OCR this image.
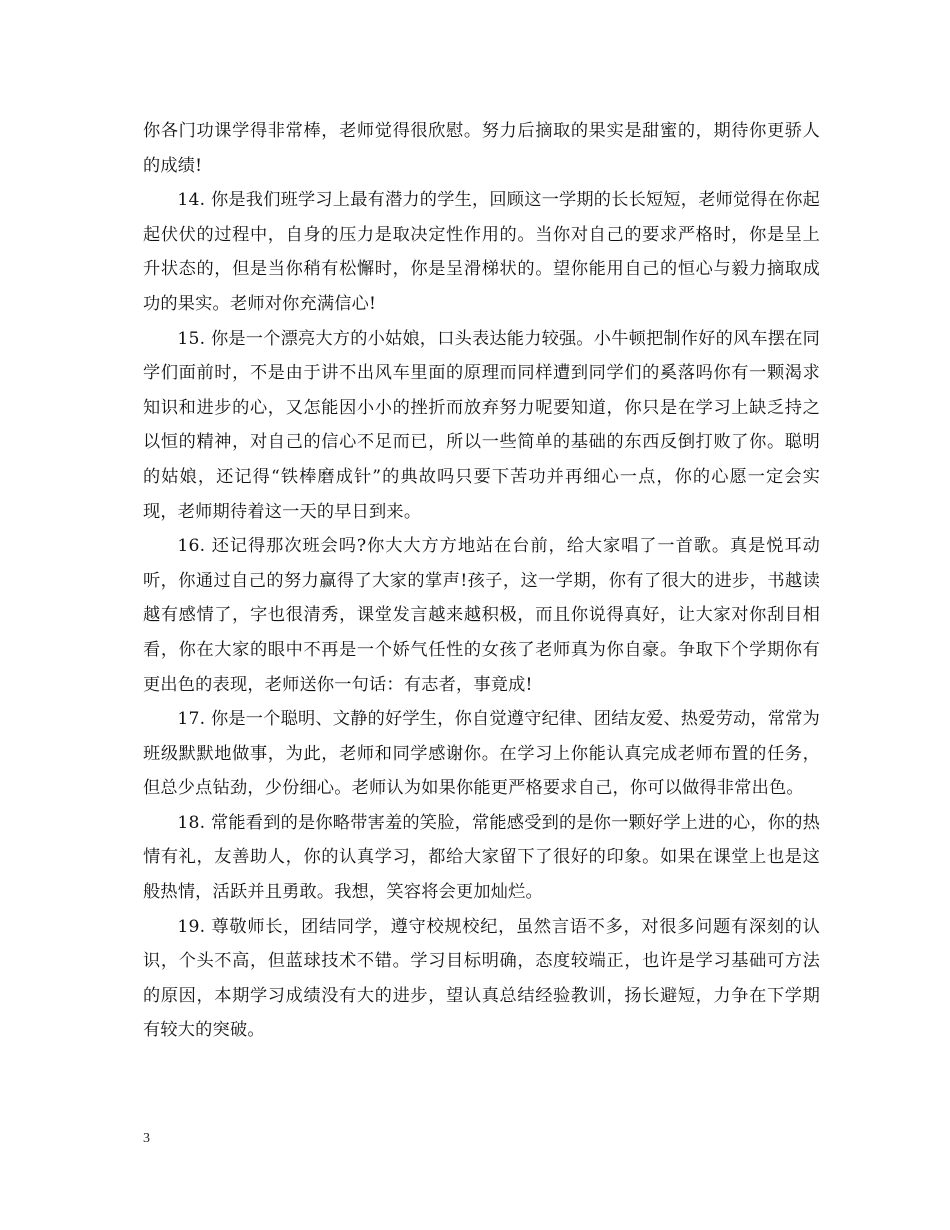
你各门功课学得非常棒，老师觉得很欣慰。努力后摘取的果实是甜蜜的，期待你更骄人的成绩!

14. 你是我们班学习上最有潜力的学生，回顾这一学期的长长短短，老师觉得在你起起伏伏的过程中，自身的压力是取决定性作用的。当你对自己的要求严格时，你是呈上升状态的，但是当你稍有松懈时，你是呈滑梯状的。望你能用自己的恒心与毅力摘取成功的果实。老师对你充满信心!

15. 你是一个漂亮大方的小姑娘，口头表达能力较强。小牛顿把制作好的风车摆在同学们面前时，不是由于讲不出风车里面的原理而同样遭到同学们的奚落吗你有一颗渴求知识和进步的心，又怎能因小小的挫折而放弃努力呢要知道，你只是在学习上缺乏持之以恒的精神，对自己的信心不足而已，所以一些简单的基础的东西反倒打败了你。聪明的姑娘，还记得“铁棒磨成针”的典故吗只要下苦功并再细心一点，你的心愿一定会实现，老师期待着这一天的早日到来。

16. 还记得那次班会吗?你大大方方地站在台前，给大家唱了一首歌。真是悦耳动听，你通过自己的努力赢得了大家的掌声!孩子，这一学期，你有了很大的进步，书越读越有感情了，字也很清秀，课堂发言越来越积极，而且你说得真好，让大家对你刮目相看，你在大家的眼中不再是一个娇气任性的女孩了老师真为你自豪。争取下个学期你有更出色的表现，老师送你一句话：有志者，事竟成!

17. 你是一个聪明、文静的好学生，你自觉遵守纪律、团结友爱、热爱劳动，常常为班级默默地做事，为此，老师和同学感谢你。在学习上你能认真完成老师布置的任务，但总少点钻劲，少份细心。老师认为如果你能更严格要求自己，你可以做得非常出色。

18. 常能看到的是你略带害羞的笑脸，常能感受到的是你一颗好学上进的心，你的热情有礼，友善助人，你的认真学习，都给大家留下了很好的印象。如果在课堂上也是这般热情，活跃并且勇敢。我想，笑容将会更加灿烂。

19. 尊敬师长，团结同学，遵守校规校纪，虽然言语不多，对很多问题有深刻的认识，个头不高，但蓝球技术不错。学习目标明确，态度较端正，也许是学习基础可方法的原因，本期学习成绩没有大的进步，望认真总结经验教训，扬长避短，力争在下学期有较大的突破。

3
